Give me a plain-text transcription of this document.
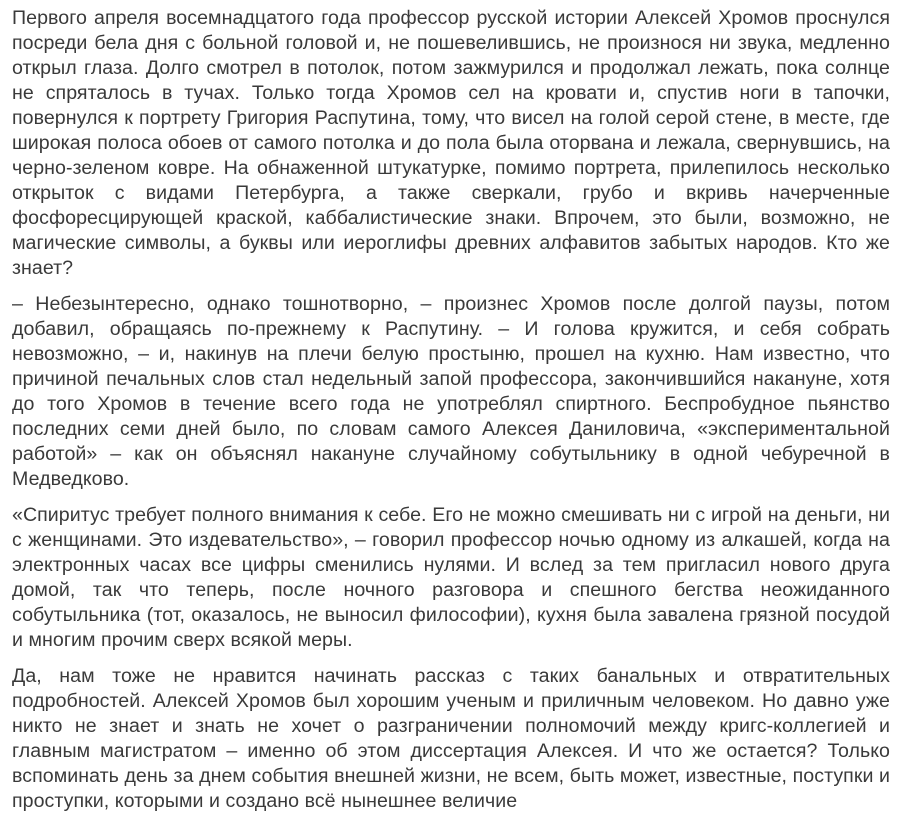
Первого апреля восемнадцатого года профессор русской истории Алексей Хромов проснулся посреди бела дня с больной головой и, не пошевелившись, не произнося ни звука, медленно открыл глаза. Долго смотрел в потолок, потом зажмурился и продолжал лежать, пока солнце не спряталось в тучах. Только тогда Хромов сел на кровати и, спустив ноги в тапочки, повернулся к портрету Григория Распутина, тому, что висел на голой серой стене, в месте, где широкая полоса обоев от самого потолка и до пола была оторвана и лежала, свернувшись, на черно-зеленом ковре. На обнаженной штукатурке, помимо портрета, прилепилось несколько открыток с видами Петербурга, а также сверкали, грубо и вкривь начерченные фосфоресцирующей краской, каббалистические знаки. Впрочем, это были, возможно, не магические символы, а буквы или иероглифы древних алфавитов забытых народов. Кто же знает?

– Небезынтересно, однако тошнотворно, – произнес Хромов после долгой паузы, потом добавил, обращаясь по-прежнему к Распутину. – И голова кружится, и себя собрать невозможно, – и, накинув на плечи белую простыню, прошел на кухню. Нам известно, что причиной печальных слов стал недельный запой профессора, закончившийся накануне, хотя до того Хромов в течение всего года не употреблял спиртного. Беспробудное пьянство последних семи дней было, по словам самого Алексея Даниловича, «экспериментальной работой» – как он объяснял накануне случайному собутыльнику в одной чебуречной в Медведково.

«Спиритус требует полного внимания к себе. Его не можно смешивать ни с игрой на деньги, ни с женщинами. Это издевательство», – говорил профессор ночью одному из алкашей, когда на электронных часах все цифры сменились нулями. И вслед за тем пригласил нового друга домой, так что теперь, после ночного разговора и спешного бегства неожиданного собутыльника (тот, оказалось, не выносил философии), кухня была завалена грязной посудой и многим прочим сверх всякой меры.

Да, нам тоже не нравится начинать рассказ с таких банальных и отвратительных подробностей. Алексей Хромов был хорошим ученым и приличным человеком. Но давно уже никто не знает и знать не хочет о разграничении полномочий между кригс-коллегией и главным магистратом – именно об этом диссертация Алексея. И что же остается? Только вспоминать день за днем события внешней жизни, не всем, быть может, известные, поступки и проступки, которыми и создано всё нынешнее величие
